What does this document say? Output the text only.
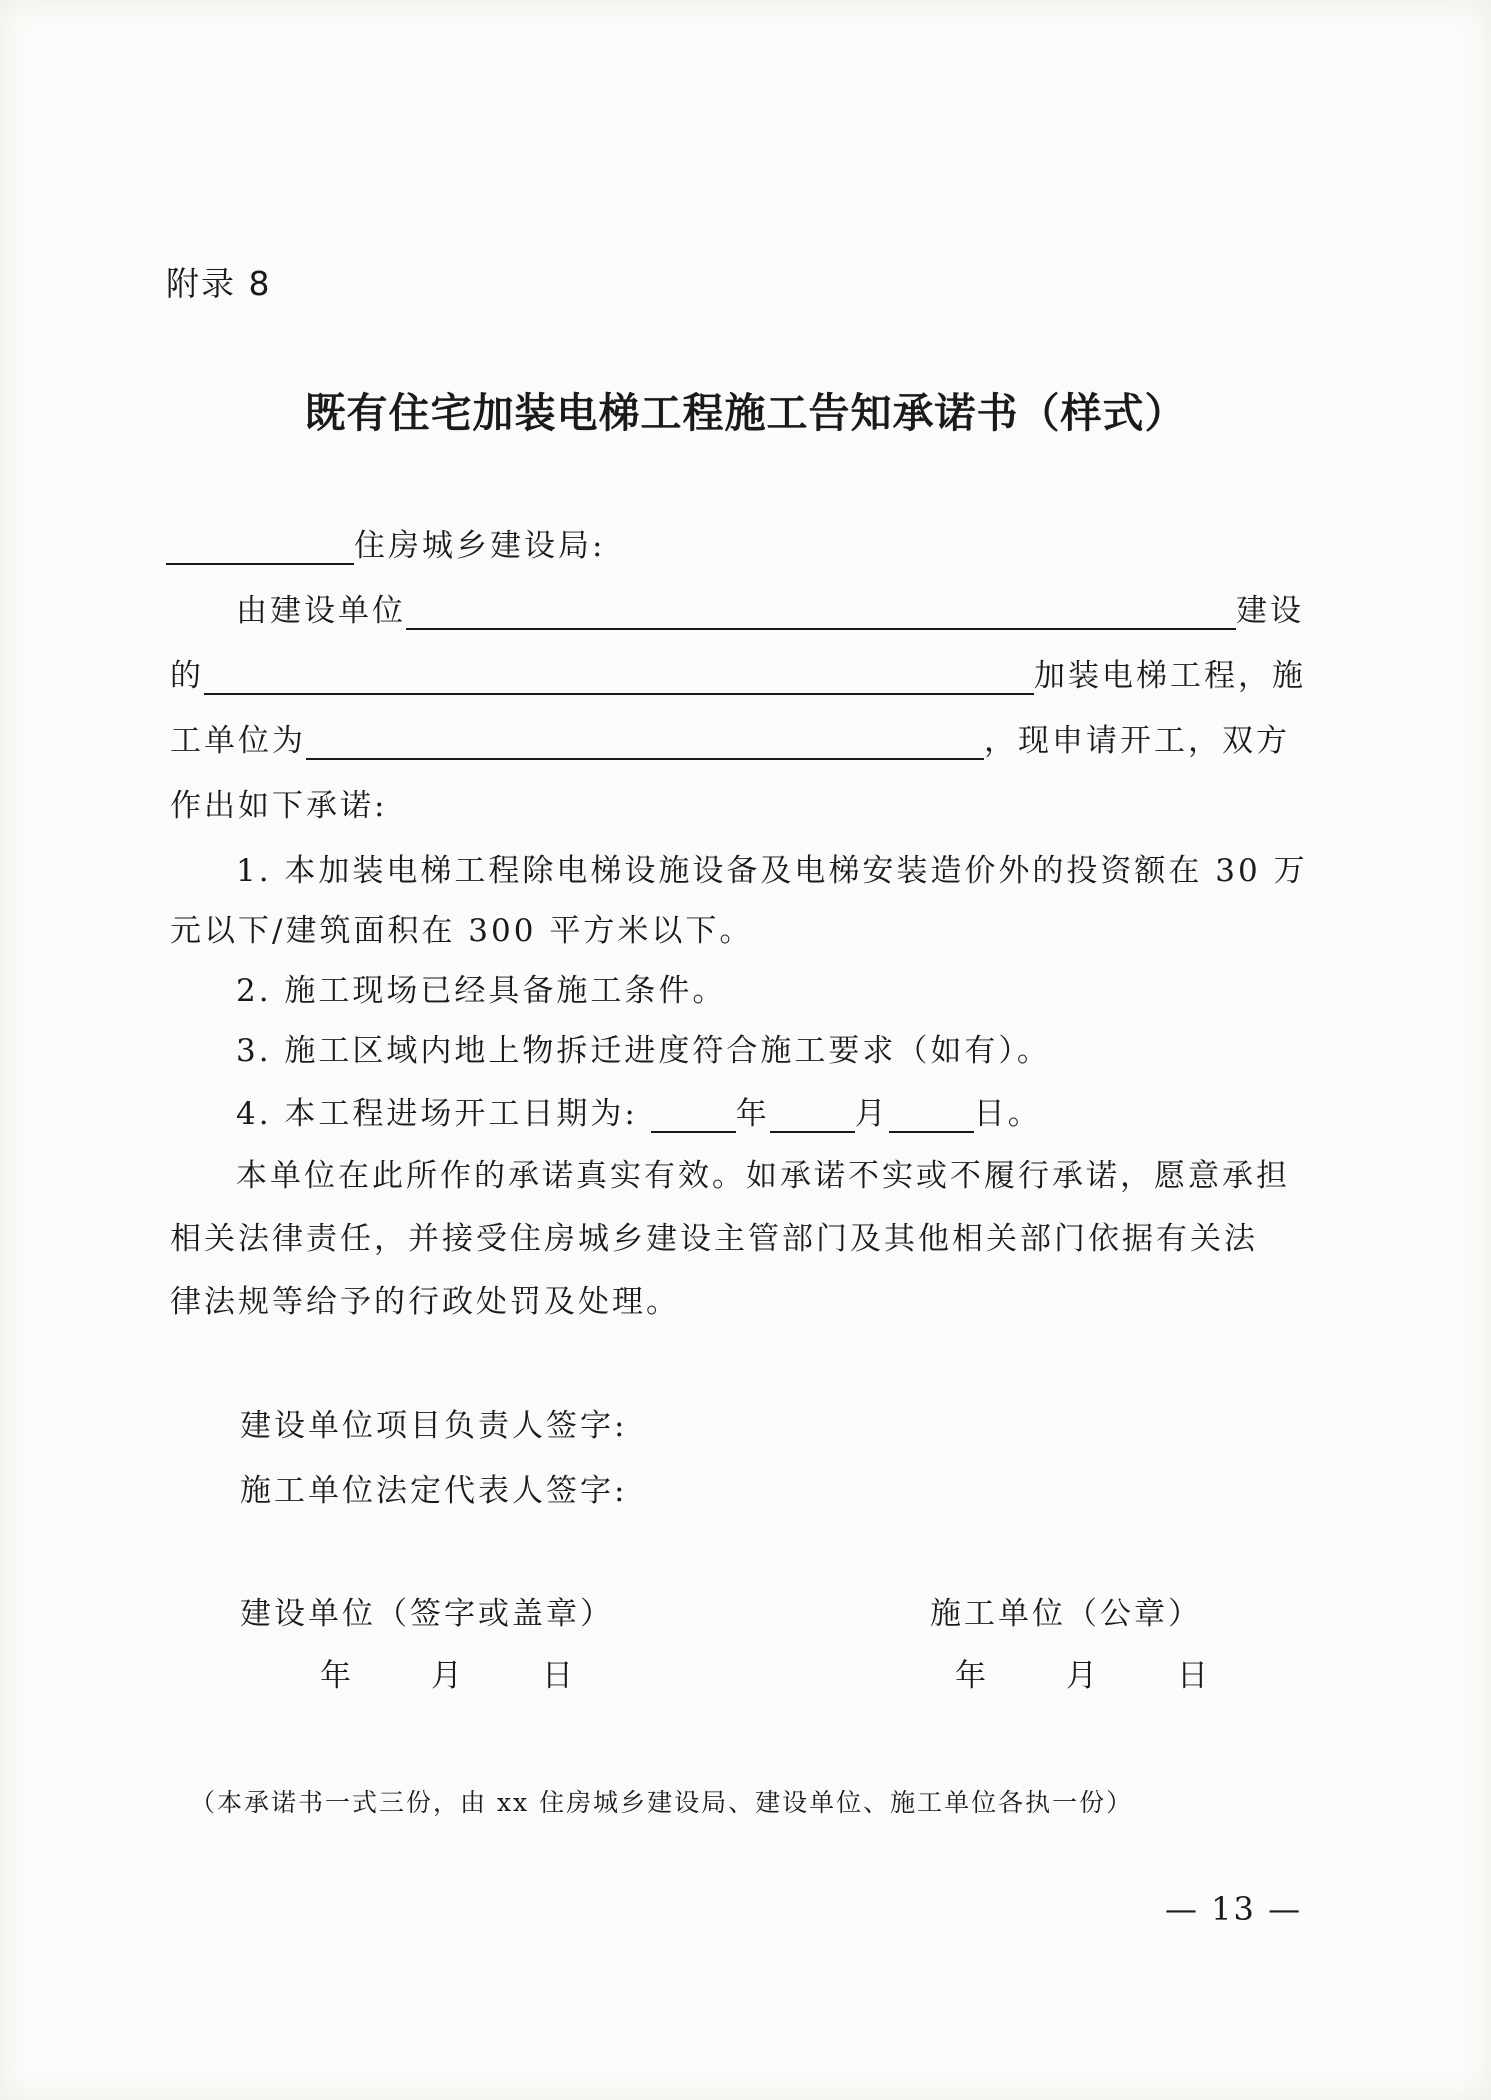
附录 8
既有住宅加装电梯工程施工告知承诺书（样式）
住房城乡建设局:
由建设单位	建设
的	加装电梯工程，施
工单位为	，现申请开工，双方
作出如下承诺:
1. 本加装电梯工程除电梯设施设备及电梯安装造价外的投资额在 30 万
元以下/建筑面积在 300 平方米以下。
2. 施工现场已经具备施工条件。
3. 施工区域内地上物拆迁进度符合施工要求（如有）。
4. 本工程进场开工日期为:	年	月	日。
本单位在此所作的承诺真实有效。如承诺不实或不履行承诺，愿意承担
相关法律责任，并接受住房城乡建设主管部门及其他相关部门依据有关法
律法规等给予的行政处罚及处理。
建设单位项目负责人签字:
施工单位法定代表人签字:
建设单位（签字或盖章）
年　　月　　日
施工单位（公章）
年　　月　　日
（本承诺书一式三份，由 xx 住房城乡建设局、建设单位、施工单位各执一份）
— 13 —
